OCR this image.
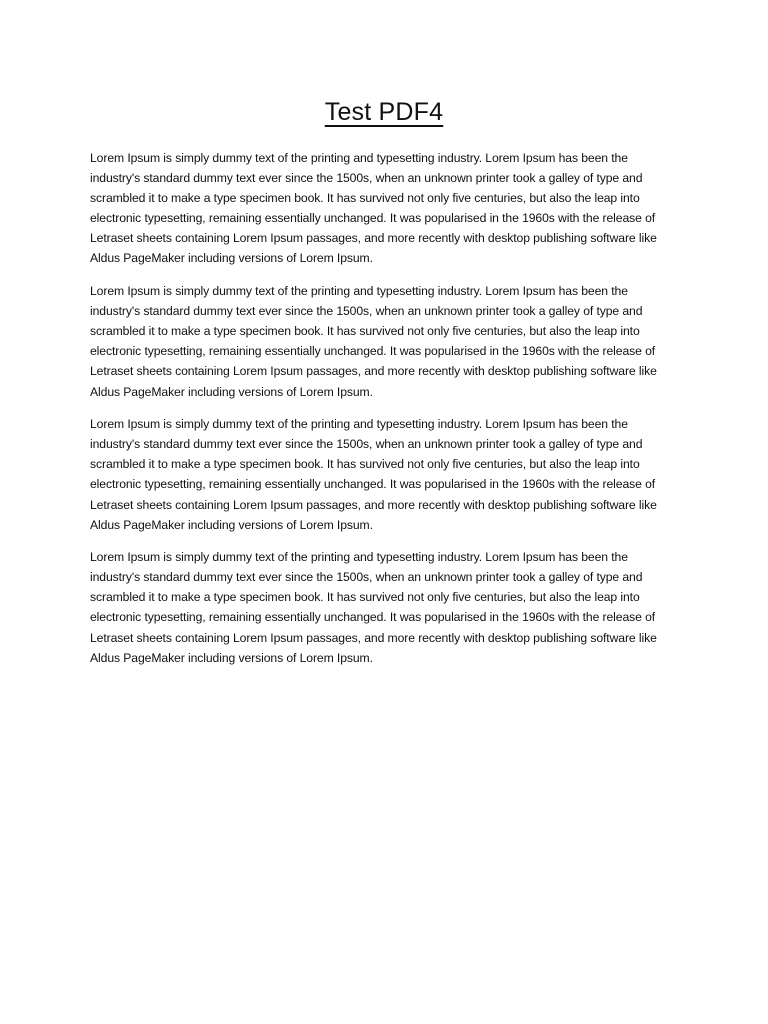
Test PDF4

Lorem Ipsum is simply dummy text of the printing and typesetting industry. Lorem Ipsum has been the industry's standard dummy text ever since the 1500s, when an unknown printer took a galley of type and scrambled it to make a type specimen book. It has survived not only five centuries, but also the leap into electronic typesetting, remaining essentially unchanged. It was popularised in the 1960s with the release of Letraset sheets containing Lorem Ipsum passages, and more recently with desktop publishing software like Aldus PageMaker including versions of Lorem Ipsum.

Lorem Ipsum is simply dummy text of the printing and typesetting industry. Lorem Ipsum has been the industry's standard dummy text ever since the 1500s, when an unknown printer took a galley of type and scrambled it to make a type specimen book. It has survived not only five centuries, but also the leap into electronic typesetting, remaining essentially unchanged. It was popularised in the 1960s with the release of Letraset sheets containing Lorem Ipsum passages, and more recently with desktop publishing software like Aldus PageMaker including versions of Lorem Ipsum.

Lorem Ipsum is simply dummy text of the printing and typesetting industry. Lorem Ipsum has been the industry's standard dummy text ever since the 1500s, when an unknown printer took a galley of type and scrambled it to make a type specimen book. It has survived not only five centuries, but also the leap into electronic typesetting, remaining essentially unchanged. It was popularised in the 1960s with the release of Letraset sheets containing Lorem Ipsum passages, and more recently with desktop publishing software like Aldus PageMaker including versions of Lorem Ipsum.

Lorem Ipsum is simply dummy text of the printing and typesetting industry. Lorem Ipsum has been the industry's standard dummy text ever since the 1500s, when an unknown printer took a galley of type and scrambled it to make a type specimen book. It has survived not only five centuries, but also the leap into electronic typesetting, remaining essentially unchanged. It was popularised in the 1960s with the release of Letraset sheets containing Lorem Ipsum passages, and more recently with desktop publishing software like Aldus PageMaker including versions of Lorem Ipsum.
